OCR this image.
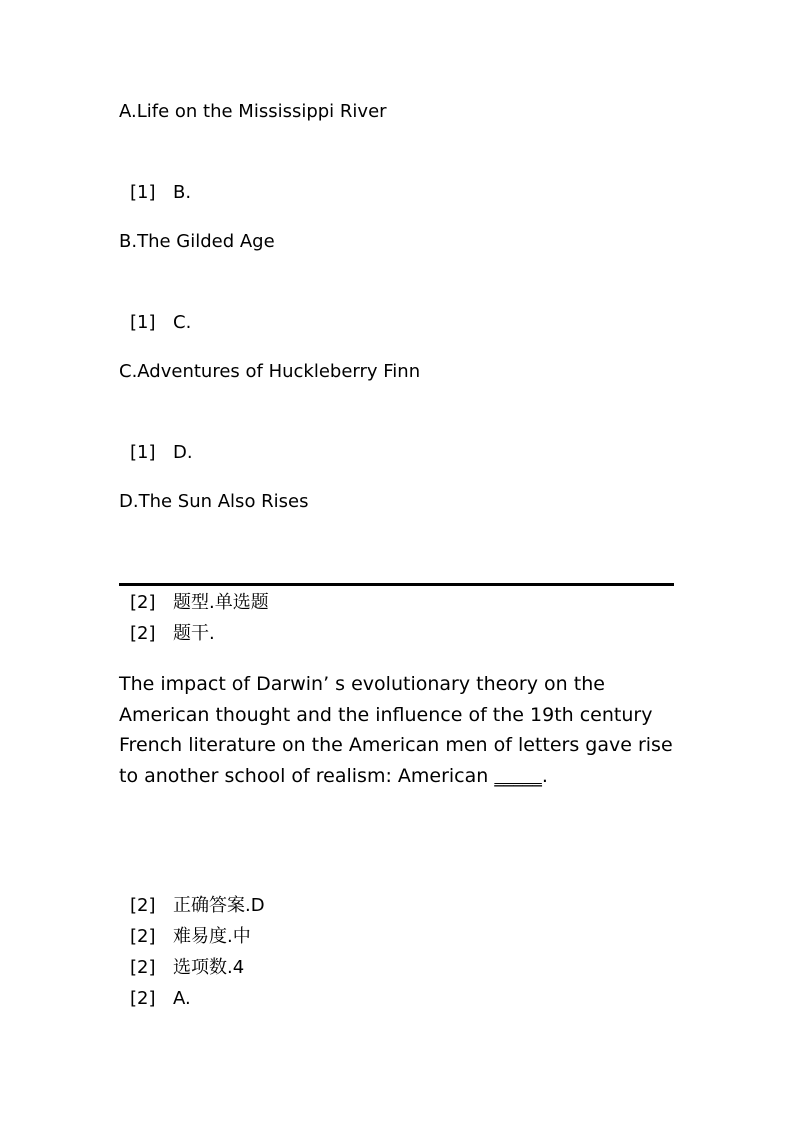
A.Life on the Mississippi River
[1] B.
B.The Gilded Age
[1] C.
C.Adventures of Huckleberry Finn
[1] D.
D.The Sun Also Rises
[2] 题型.单选题
[2] 题干.
The impact of Darwin’ s evolutionary theory on the American thought and the influence of the 19th century French literature on the American men of letters gave rise to another school of realism: American _____.
[2] 正确答案.D
[2] 难易度.中
[2] 选项数.4
[2] A.
